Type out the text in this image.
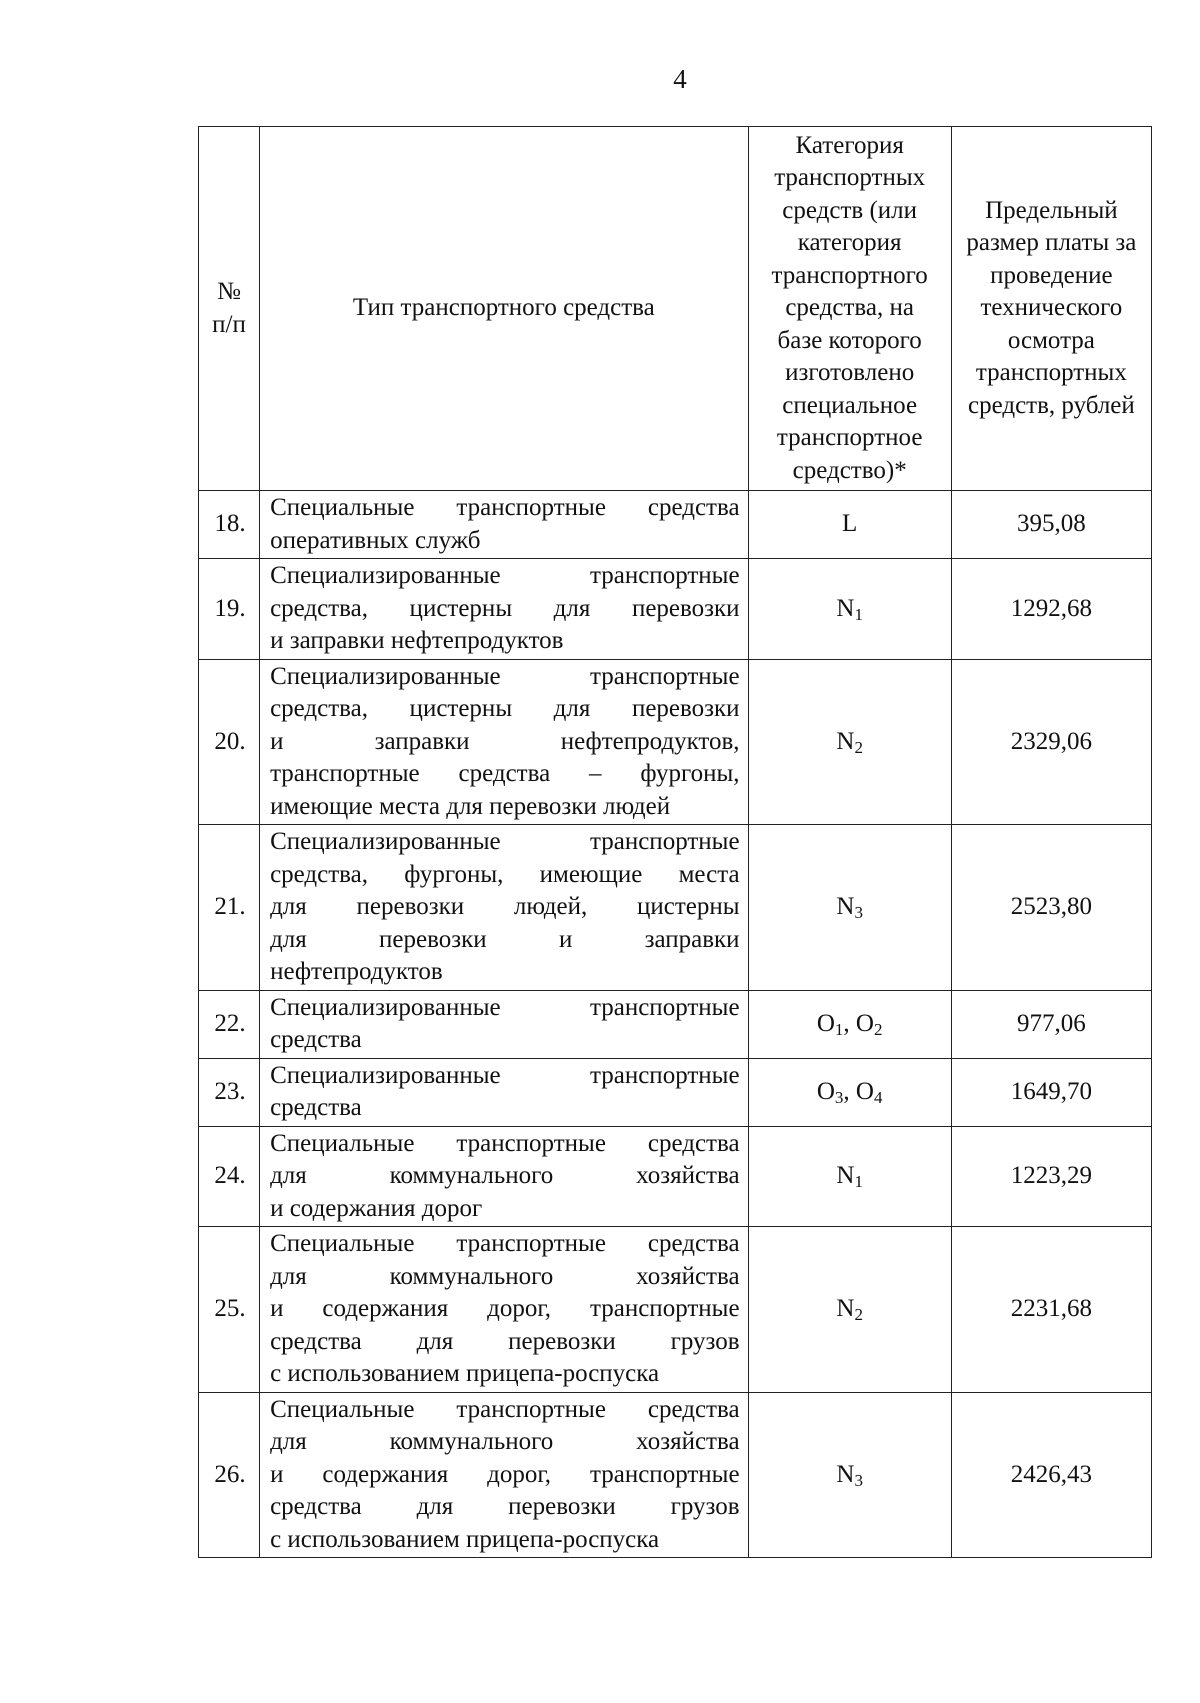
4
№ п/п	Тип транспортного средства	Категория транспортных средств (или категория транспортного средства, на базе которого изготовлено специальное транспортное средство)*	Предельный размер платы за проведение технического осмотра транспортных средств, рублей
18.	Специальные транспортные средства
оперативных служб	L	395,08
19.	Специализированные транспортные
средства, цистерны для перевозки
и заправки нефтепродуктов	$N_1$	1292,68
20.	Специализированные транспортные
средства, цистерны для перевозки
и заправки нефтепродуктов,
транспортные средства – фургоны,
имеющие места для перевозки людей	$N_2$	2329,06
21.	Специализированные транспортные
средства, фургоны, имеющие места
для перевозки людей, цистерны
для перевозки и заправки
нефтепродуктов	$N_3$	2523,80
22.	Специализированные транспортные
средства	$O_1$, $O_2$	977,06
23.	Специализированные транспортные
средства	$O_3$, $O_4$	1649,70
24.	Специальные транспортные средства
для коммунального хозяйства
и содержания дорог	$N_1$	1223,29
25.	Специальные транспортные средства
для коммунального хозяйства
и содержания дорог, транспортные
средства для перевозки грузов
с использованием прицепа-роспуска	$N_2$	2231,68
26.	Специальные транспортные средства
для коммунального хозяйства
и содержания дорог, транспортные
средства для перевозки грузов
с использованием прицепа-роспуска	$N_3$	2426,43
